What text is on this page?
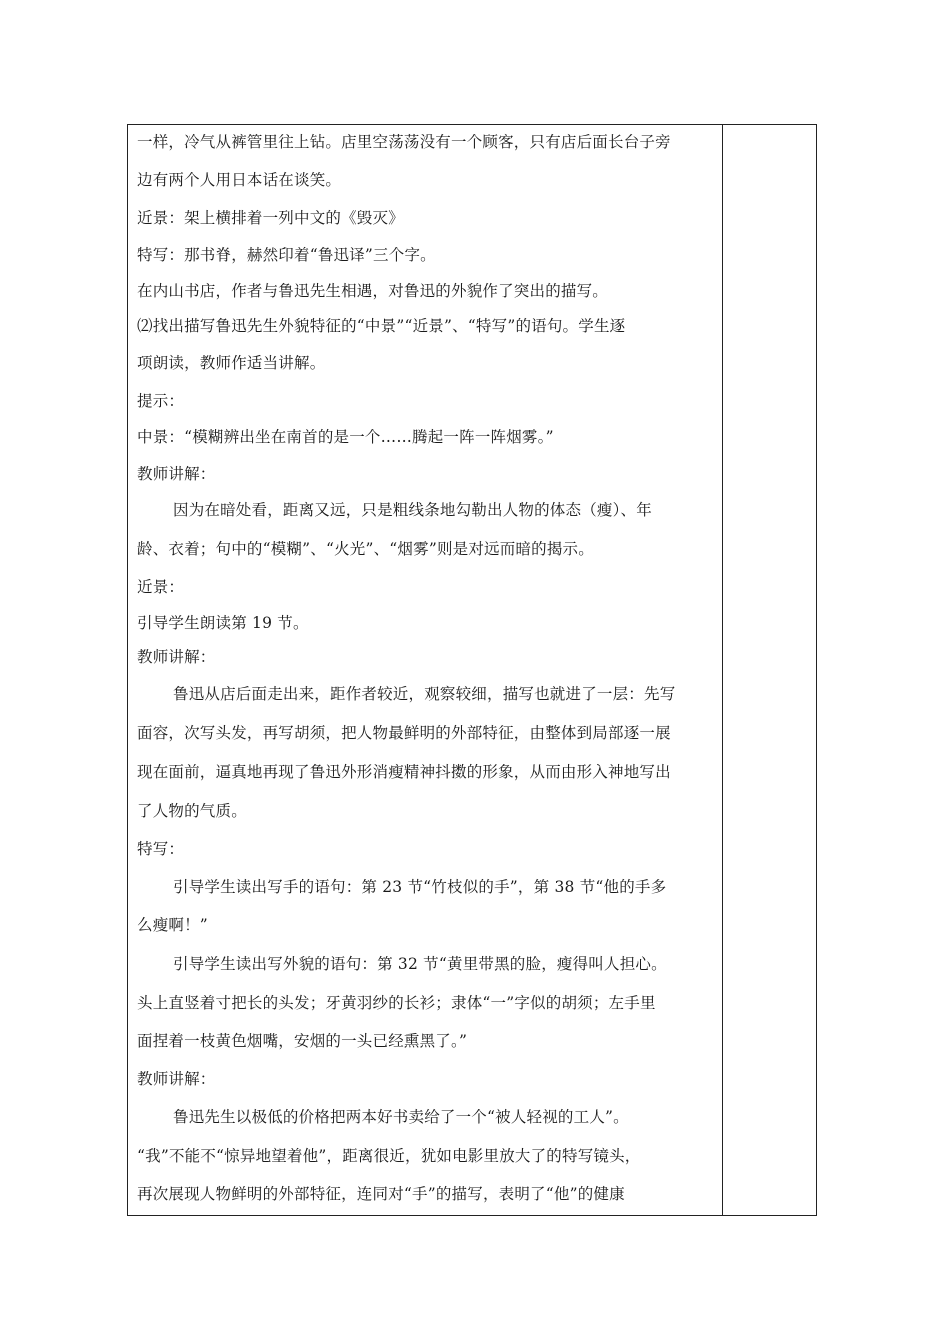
一样，冷气从裤管里往上钻。店里空荡荡没有一个顾客，只有店后面长台子旁
边有两个人用日本话在谈笑。
近景：架上横排着一列中文的《毁灭》
特写：那书脊，赫然印着“鲁迅译”三个字。
在内山书店，作者与鲁迅先生相遇，对鲁迅的外貌作了突出的描写。
⑵找出描写鲁迅先生外貌特征的“中景”“近景”、“特写”的语句。学生逐
项朗读，教师作适当讲解。
提示：
中景：“模糊辨出坐在南首的是一个……腾起一阵一阵烟雾。”
教师讲解：
因为在暗处看，距离又远，只是粗线条地勾勒出人物的体态（瘦）、年
龄、衣着；句中的“模糊”、“火光”、“烟雾”则是对远而暗的揭示。
近景：
引导学生朗读第 19 节。
教师讲解：
鲁迅从店后面走出来，距作者较近，观察较细，描写也就进了一层：先写
面容，次写头发，再写胡须，把人物最鲜明的外部特征，由整体到局部逐一展
现在面前，逼真地再现了鲁迅外形消瘦精神抖擞的形象，从而由形入神地写出
了人物的气质。
特写：
引导学生读出写手的语句：第 23 节“竹枝似的手”，第 38 节“他的手多
么瘦啊！”
引导学生读出写外貌的语句：第 32 节“黄里带黑的脸，瘦得叫人担心。
头上直竖着寸把长的头发；牙黄羽纱的长衫；隶体“一”字似的胡须；左手里
面捏着一枝黄色烟嘴，安烟的一头已经熏黑了。”
教师讲解：
鲁迅先生以极低的价格把两本好书卖给了一个“被人轻视的工人”。
“我”不能不“惊异地望着他”，距离很近，犹如电影里放大了的特写镜头，
再次展现人物鲜明的外部特征，连同对“手”的描写，表明了“他”的健康
